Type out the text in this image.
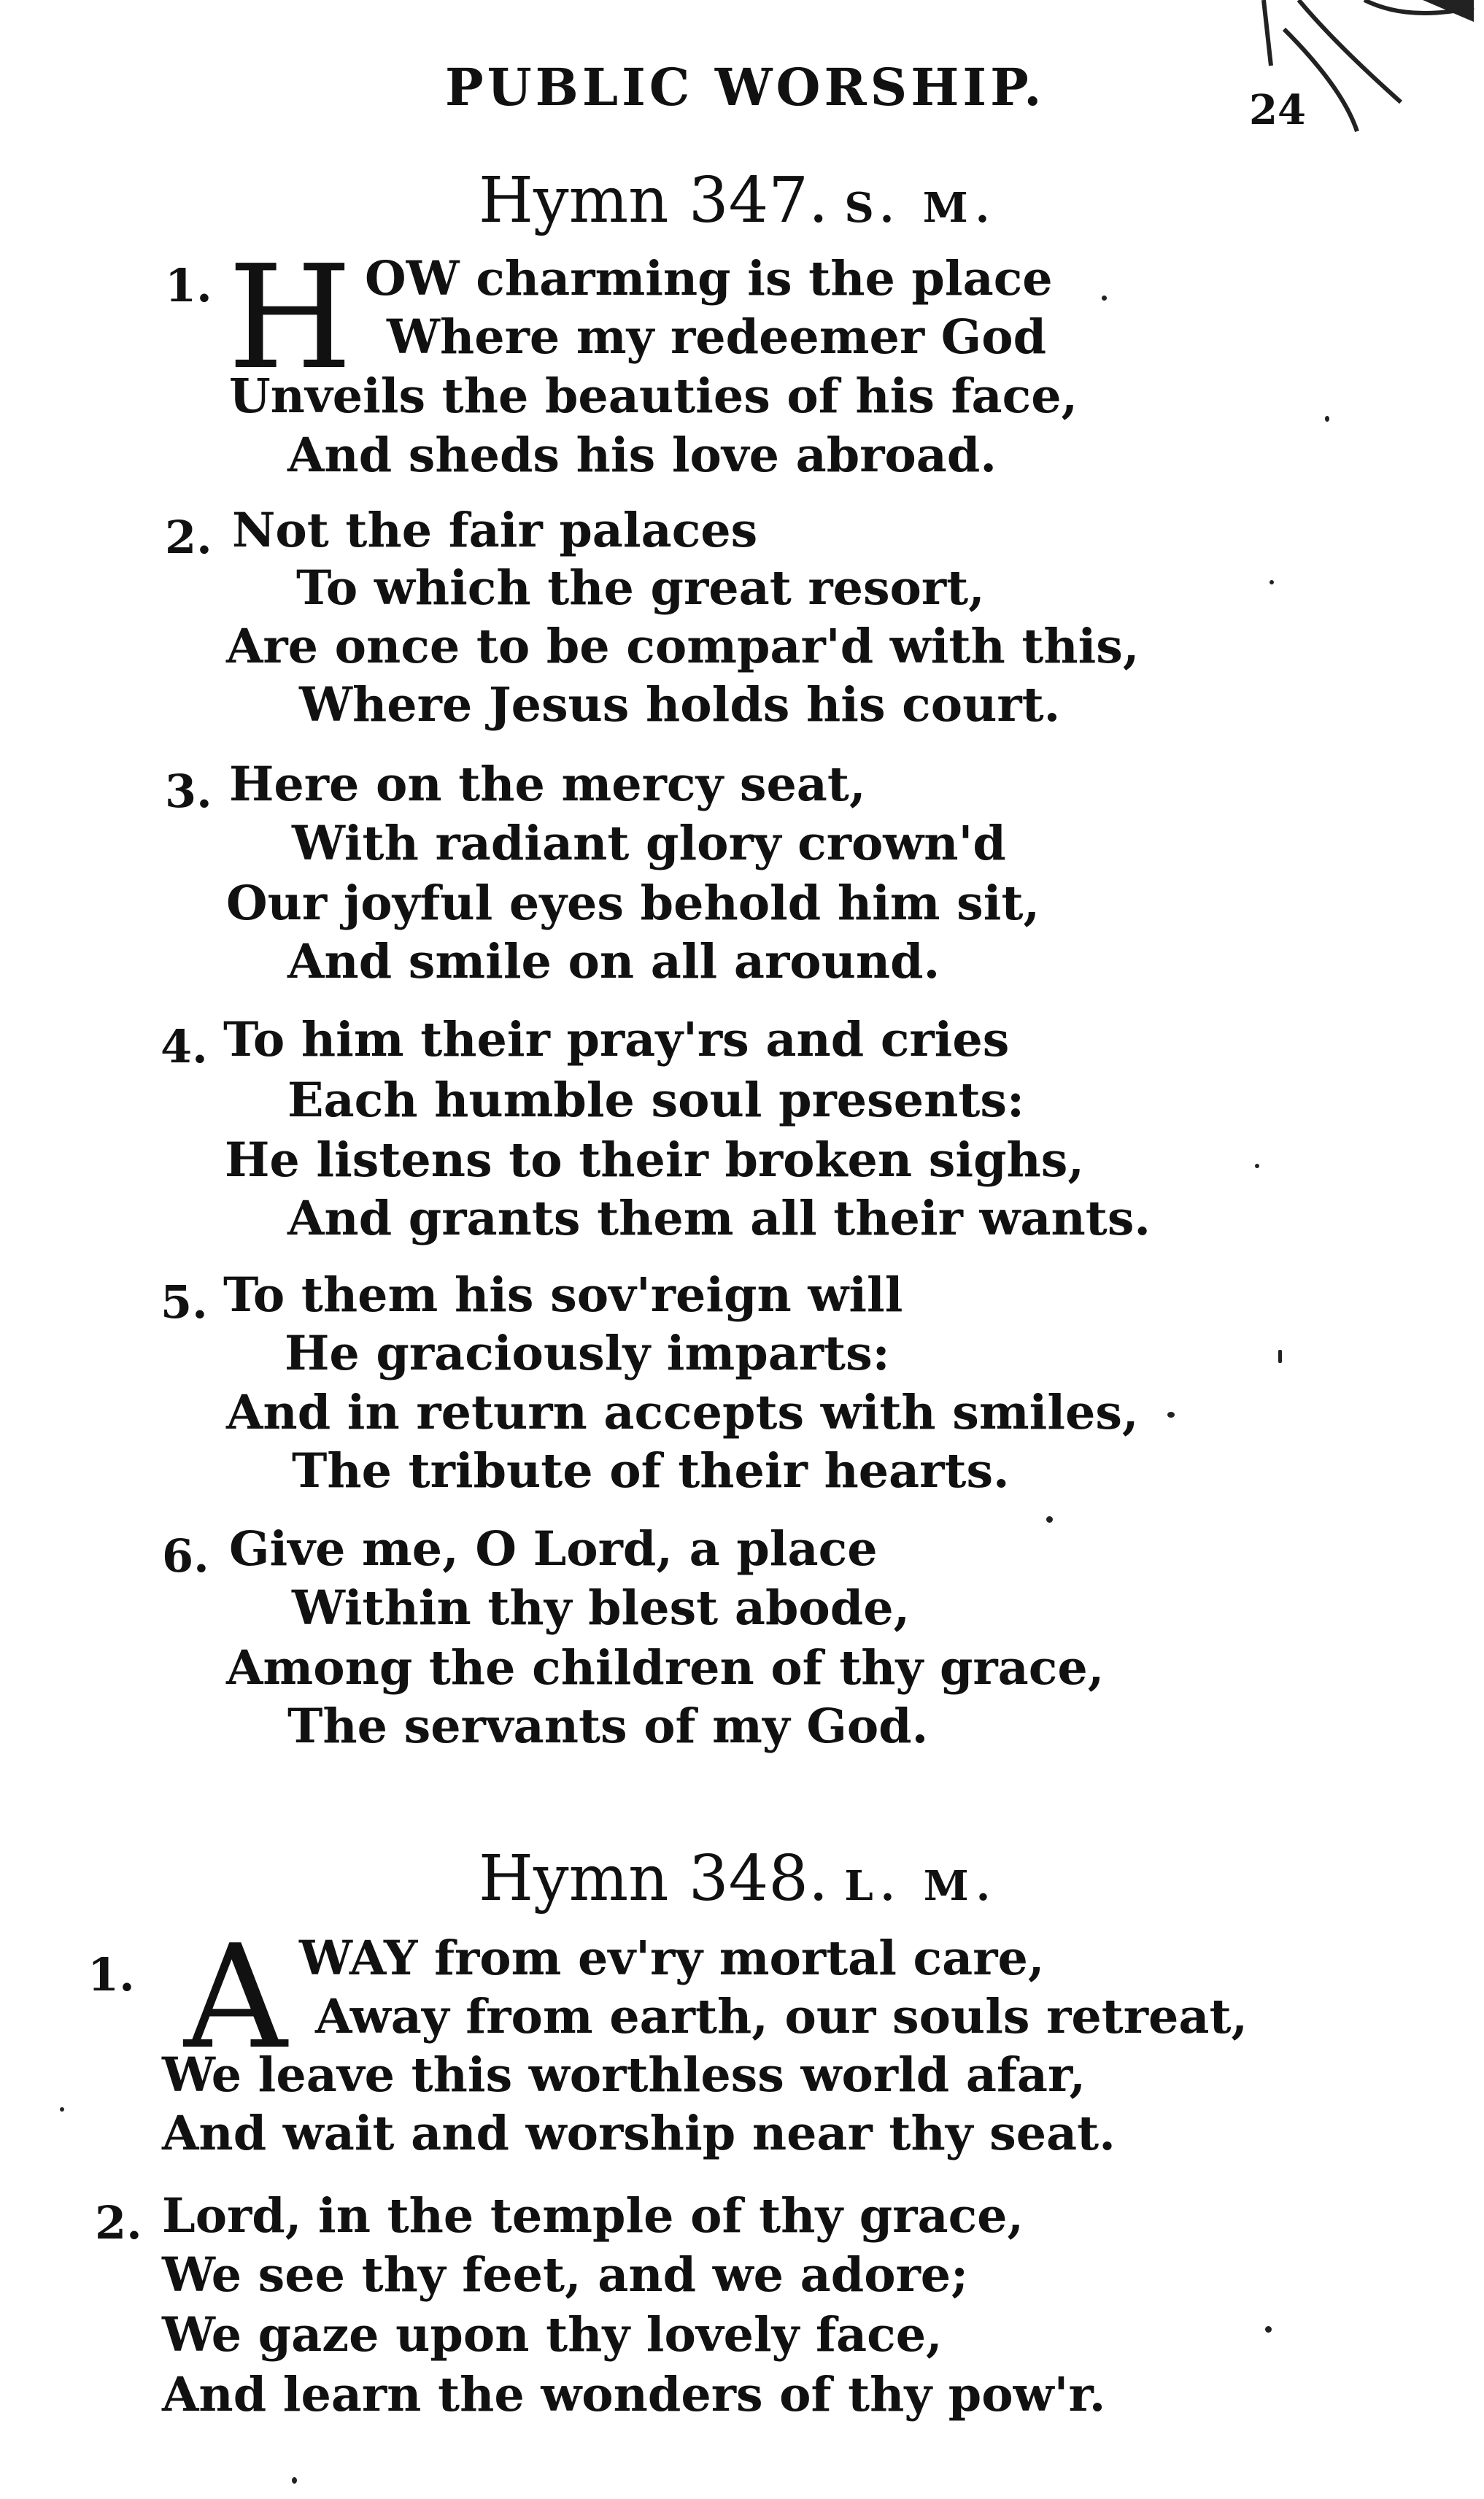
PUBLIC WORSHIP.	24
Hymn 347. S. M.
1. H OW charming is the place
Where my redeemer God
Unveils the beauties of his face,
And sheds his love abroad.
2. Not the fair palaces
To which the great resort,
Are once to be compar'd with this,
Where Jesus holds his court.
3. Here on the mercy seat,
With radiant glory crown'd
Our joyful eyes behold him sit,
And smile on all around.
4. To him their pray'rs and cries
Each humble soul presents:
He listens to their broken sighs,
And grants them all their wants.
5. To them his sov'reign will
He graciously imparts:
And in return accepts with smiles,
The tribute of their hearts.
6. Give me, O Lord, a place
Within thy blest abode,
Among the children of thy grace,
The servants of my God.
Hymn 348. L. M.
1. A WAY from ev'ry mortal care,
Away from earth, our souls retreat,
We leave this worthless world afar,
And wait and worship near thy seat.
2. Lord, in the temple of thy grace,
We see thy feet, and we adore;
We gaze upon thy lovely face,
And learn the wonders of thy pow'r.
